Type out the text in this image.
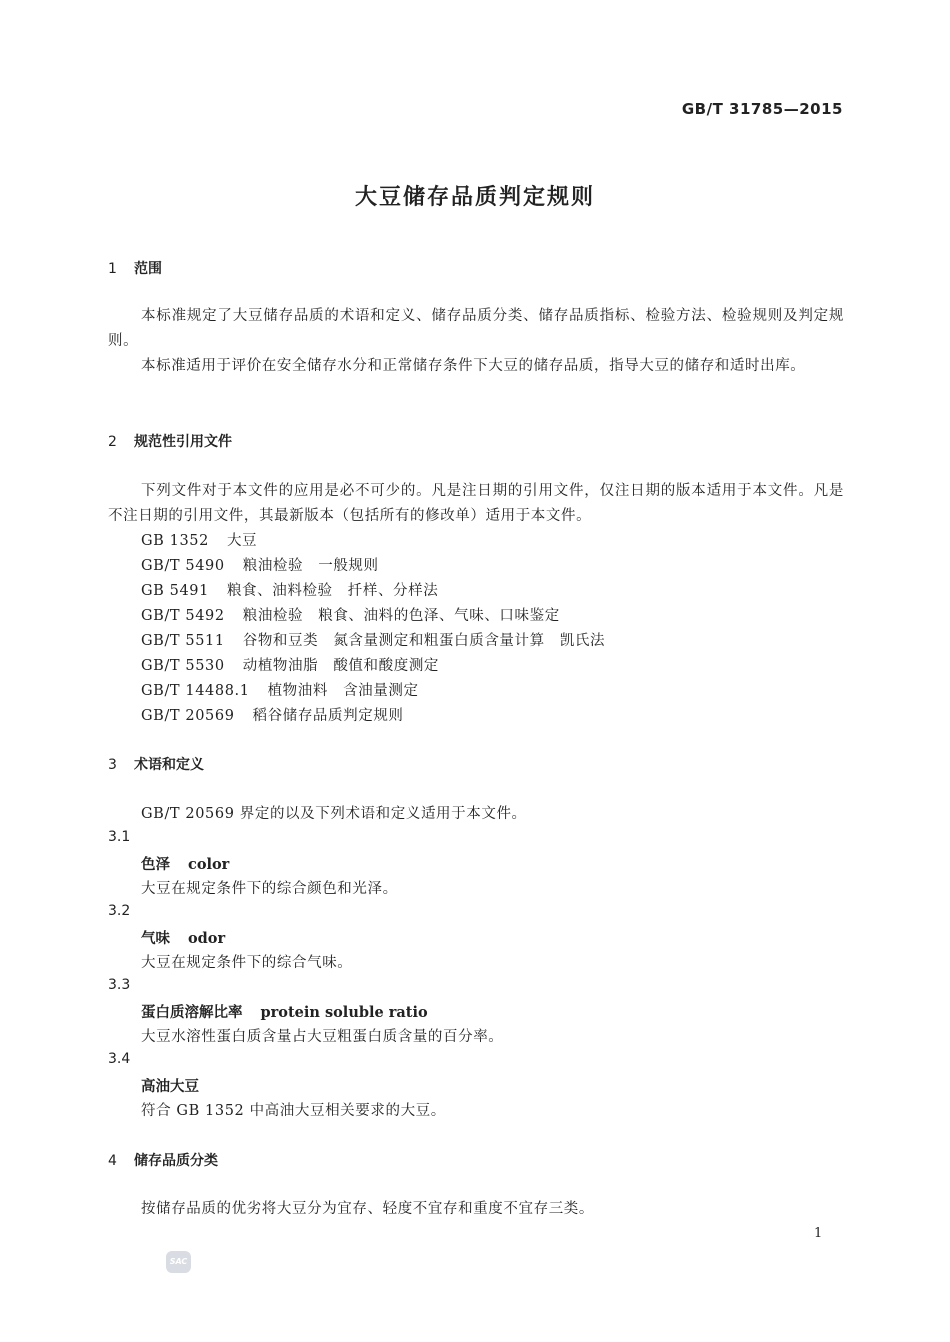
GB/T 31785—2015
大豆储存品质判定规则
1 范围
本标准规定了大豆储存品质的术语和定义、储存品质分类、储存品质指标、检验方法、检验规则及判定规则。
本标准适用于评价在安全储存水分和正常储存条件下大豆的储存品质，指导大豆的储存和适时出库。
2 规范性引用文件
下列文件对于本文件的应用是必不可少的。凡是注日期的引用文件，仅注日期的版本适用于本文件。凡是不注日期的引用文件，其最新版本（包括所有的修改单）适用于本文件。
GB 1352 大豆
GB/T 5490 粮油检验　一般规则
GB 5491 粮食、油料检验　扦样、分样法
GB/T 5492 粮油检验　粮食、油料的色泽、气味、口味鉴定
GB/T 5511 谷物和豆类　氮含量测定和粗蛋白质含量计算　凯氏法
GB/T 5530 动植物油脂　酸值和酸度测定
GB/T 14488.1 植物油料　含油量测定
GB/T 20569 稻谷储存品质判定规则
3 术语和定义
GB/T 20569 界定的以及下列术语和定义适用于本文件。
3.1
色泽 color
大豆在规定条件下的综合颜色和光泽。
3.2
气味 odor
大豆在规定条件下的综合气味。
3.3
蛋白质溶解比率 protein soluble ratio
大豆水溶性蛋白质含量占大豆粗蛋白质含量的百分率。
3.4
高油大豆
符合 GB 1352 中高油大豆相关要求的大豆。
4 储存品质分类
按储存品质的优劣将大豆分为宜存、轻度不宜存和重度不宜存三类。
1
SAC
